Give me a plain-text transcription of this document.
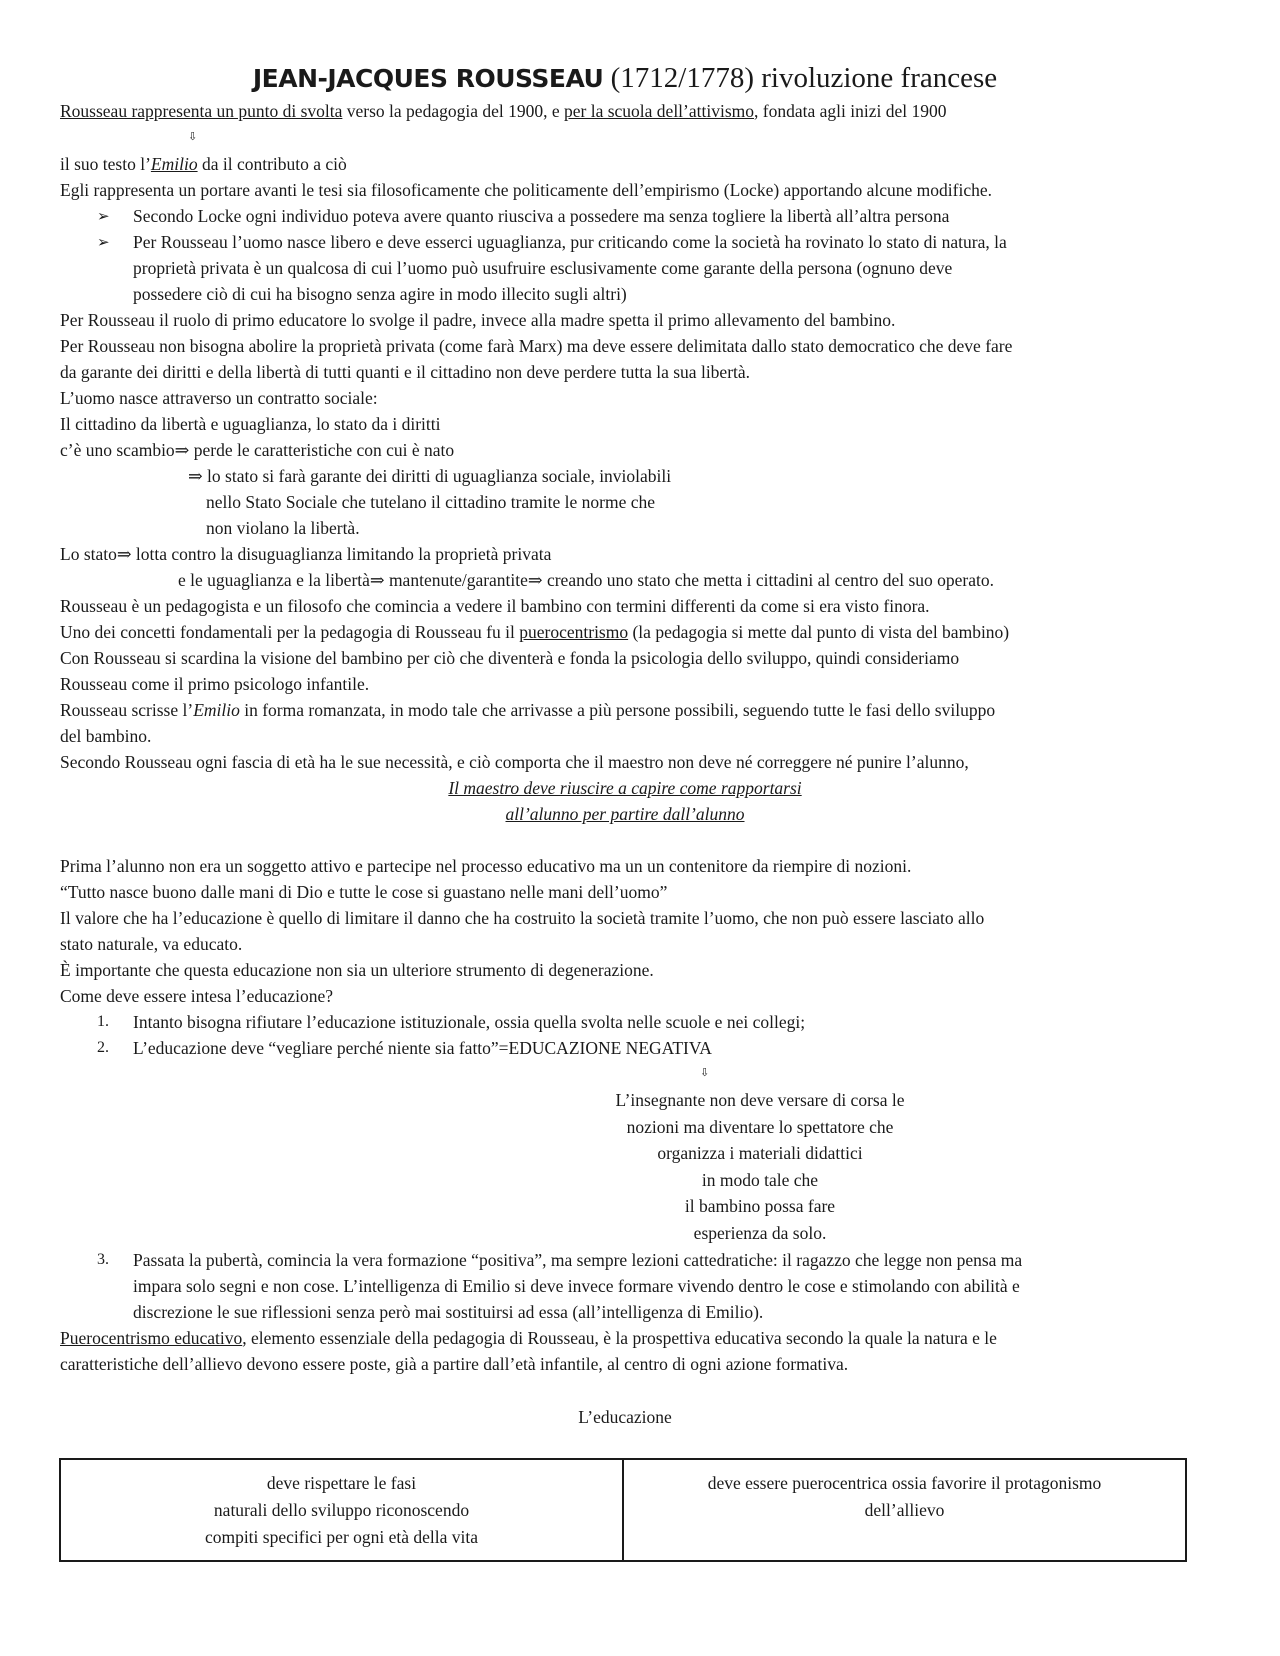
JEAN-JACQUES ROUSSEAU (1712/1778) rivoluzione francese
Rousseau rappresenta un punto di svolta verso la pedagogia del 1900, e per la scuola dell’attivismo, fondata agli inizi del 1900
⇩
il suo testo l’Emilio da il contributo a ciò
Egli rappresenta un portare avanti le tesi sia filosoficamente che politicamente dell’empirismo (Locke) apportando alcune modifiche.
➢ Secondo Locke ogni individuo poteva avere quanto riusciva a possedere ma senza togliere la libertà all’altra persona
➢ Per Rousseau l’uomo nasce libero e deve esserci uguaglianza, pur criticando come la società ha rovinato lo stato di natura, la
proprietà privata è un qualcosa di cui l’uomo può usufruire esclusivamente come garante della persona (ognuno deve
possedere ciò di cui ha bisogno senza agire in modo illecito sugli altri)
Per Rousseau il ruolo di primo educatore lo svolge il padre, invece alla madre spetta il primo allevamento del bambino.
Per Rousseau non bisogna abolire la proprietà privata (come farà Marx) ma deve essere delimitata dallo stato democratico che deve fare
da garante dei diritti e della libertà di tutti quanti e il cittadino non deve perdere tutta la sua libertà.
L’uomo nasce attraverso un contratto sociale:
Il cittadino da libertà e uguaglianza, lo stato da i diritti
c’è uno scambio⇒ perde le caratteristiche con cui è nato
⇒ lo stato si farà garante dei diritti di uguaglianza sociale, inviolabili
nello Stato Sociale che tutelano il cittadino tramite le norme che
non violano la libertà.
Lo stato⇒ lotta contro la disuguaglianza limitando la proprietà privata
e le uguaglianza e la libertà⇒ mantenute/garantite⇒ creando uno stato che metta i cittadini al centro del suo operato.
Rousseau è un pedagogista e un filosofo che comincia a vedere il bambino con termini differenti da come si era visto finora.
Uno dei concetti fondamentali per la pedagogia di Rousseau fu il puerocentrismo (la pedagogia si mette dal punto di vista del bambino)
Con Rousseau si scardina la visione del bambino per ciò che diventerà e fonda la psicologia dello sviluppo, quindi consideriamo
Rousseau come il primo psicologo infantile.
Rousseau scrisse l’Emilio in forma romanzata, in modo tale che arrivasse a più persone possibili, seguendo tutte le fasi dello sviluppo
del bambino.
Secondo Rousseau ogni fascia di età ha le sue necessità, e ciò comporta che il maestro non deve né correggere né punire l’alunno,
Il maestro deve riuscire a capire come rapportarsi
all’alunno per partire dall’alunno
Prima l’alunno non era un soggetto attivo e partecipe nel processo educativo ma un un contenitore da riempire di nozioni.
“Tutto nasce buono dalle mani di Dio e tutte le cose si guastano nelle mani dell’uomo”
Il valore che ha l’educazione è quello di limitare il danno che ha costruito la società tramite l’uomo, che non può essere lasciato allo
stato naturale, va educato.
È importante che questa educazione non sia un ulteriore strumento di degenerazione.
Come deve essere intesa l’educazione?
1. Intanto bisogna rifiutare l’educazione istituzionale, ossia quella svolta nelle scuole e nei collegi;
2. L’educazione deve “vegliare perché niente sia fatto”=EDUCAZIONE NEGATIVA
⇩
L’insegnante non deve versare di corsa le
nozioni ma diventare lo spettatore che
organizza i materiali didattici
in modo tale che
il bambino possa fare
esperienza da solo.
3. Passata la pubertà, comincia la vera formazione “positiva”, ma sempre lezioni cattedratiche: il ragazzo che legge non pensa ma
impara solo segni e non cose. L’intelligenza di Emilio si deve invece formare vivendo dentro le cose e stimolando con abilità e
discrezione le sue riflessioni senza però mai sostituirsi ad essa (all’intelligenza di Emilio).
Puerocentrismo educativo, elemento essenziale della pedagogia di Rousseau, è la prospettiva educativa secondo la quale la natura e le
caratteristiche dell’allievo devono essere poste, già a partire dall’età infantile, al centro di ogni azione formativa.
L’educazione
deve rispettare le fasi
naturali dello sviluppo riconoscendo
compiti specifici per ogni età della vita

deve essere puerocentrica ossia favorire il protagonismo
dell’allievo
